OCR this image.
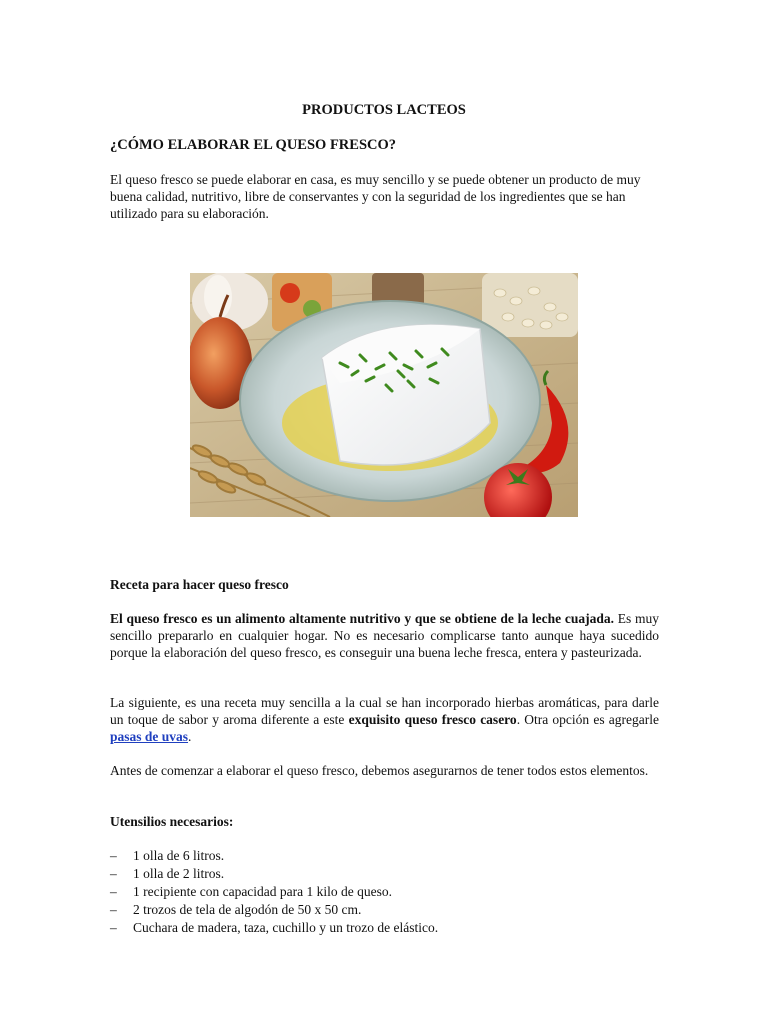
PRODUCTOS LACTEOS
¿CÓMO ELABORAR EL QUESO FRESCO?
El queso fresco se puede elaborar en casa, es muy sencillo y se puede obtener un producto de muy buena calidad, nutritivo, libre de conservantes y con la seguridad de los ingredientes que se han utilizado para su elaboración.
Receta para hacer queso fresco
El queso fresco es un alimento altamente nutritivo y que se obtiene de la leche cuajada. Es muy sencillo prepararlo en cualquier hogar. No es necesario complicarse tanto aunque haya sucedido porque la elaboración del queso fresco, es conseguir una buena leche fresca, entera y pasteurizada.
La siguiente, es una receta muy sencilla a la cual se han incorporado hierbas aromáticas, para darle un toque de sabor y aroma diferente a este exquisito queso fresco casero. Otra opción es agregarle pasas de uvas.
Antes de comenzar a elaborar el queso fresco, debemos asegurarnos de tener todos estos elementos.
Utensilios necesarios:
– 1 olla de 6 litros.
– 1 olla de 2 litros.
– 1 recipiente con capacidad para 1 kilo de queso.
– 2 trozos de tela de algodón de 50 x 50 cm.
– Cuchara de madera, taza, cuchillo y un trozo de elástico.
